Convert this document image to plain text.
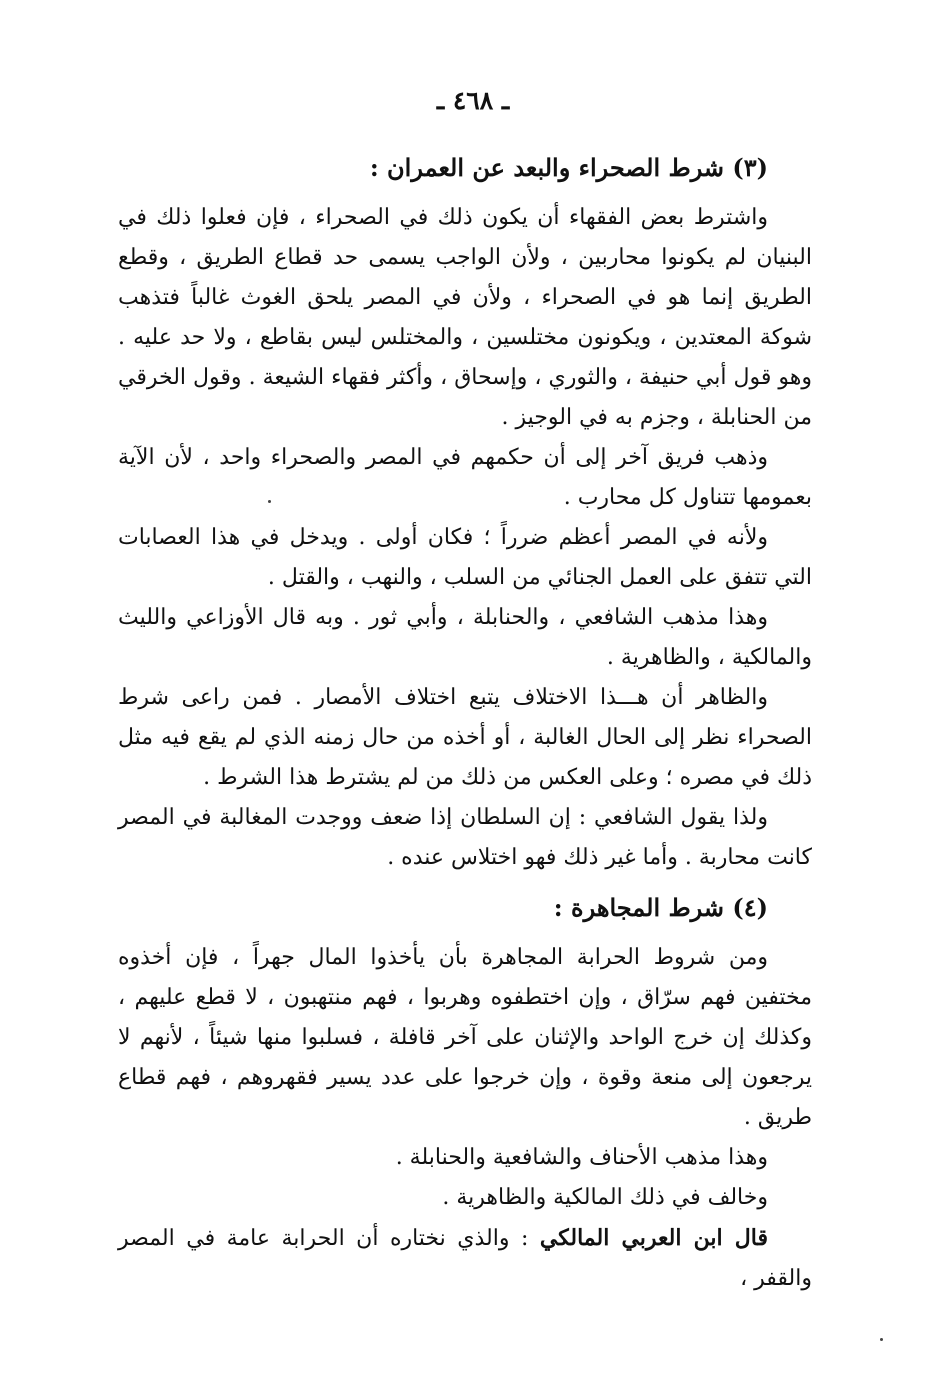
ـ ٤٦٨ ـ
(٣) شرط الصحراء والبعد عن العمران :

واشترط بعض الفقهاء أن يكون ذلك في الصحراء ، فإن فعلوا ذلك في البنيان لم يكونوا محاربين ، ولأن الواجب يسمى حد قطاع الطريق ، وقطع الطريق إنما هو في الصحراء ، ولأن في المصر يلحق الغوث غالباً فتذهب شوكة المعتدين ، ويكونون مختلسين ، والمختلس ليس بقاطع ، ولا حد عليه . وهو قول أبي حنيفة ، والثوري ، وإسحاق ، وأكثر فقهاء الشيعة . وقول الخرقي من الحنابلة ، وجزم به في الوجيز .

وذهب فريق آخر إلى أن حكمهم في المصر والصحراء واحد ، لأن الآية بعمومها تتناول كل محارب .

ولأنه في المصر أعظم ضرراً ؛ فكان أولى . ويدخل في هذا العصابات التي تتفق على العمل الجنائي من السلب ، والنهب ، والقتل .

وهذا مذهب الشافعي ، والحنابلة ، وأبي ثور . وبه قال الأوزاعي والليث والمالكية ، والظاهرية .

والظاهر أن هـــذا الاختلاف يتبع اختلاف الأمصار . فمن راعى شرط الصحراء نظر إلى الحال الغالبة ، أو أخذه من حال زمنه الذي لم يقع فيه مثل ذلك في مصره ؛ وعلى العكس من ذلك من لم يشترط هذا الشرط .

ولذا يقول الشافعي : إن السلطان إذا ضعف ووجدت المغالبة في المصر كانت محاربة . وأما غير ذلك فهو اختلاس عنده .

(٤) شرط المجاهرة :

ومن شروط الحرابة المجاهرة بأن يأخذوا المال جهراً ، فإن أخذوه مختفين فهم سرّاق ، وإن اختطفوه وهربوا ، فهم منتهبون ، لا قطع عليهم ، وكذلك إن خرج الواحد والإثنان على آخر قافلة ، فسلبوا منها شيئاً ، لأنهم لا يرجعون إلى منعة وقوة ، وإن خرجوا على عدد يسير فقهروهم ، فهم قطاع طريق .

وهذا مذهب الأحناف والشافعية والحنابلة .

وخالف في ذلك المالكية والظاهرية .

قال ابن العربي المالكي : والذي نختاره أن الحرابة عامة في المصر والقفر ،
